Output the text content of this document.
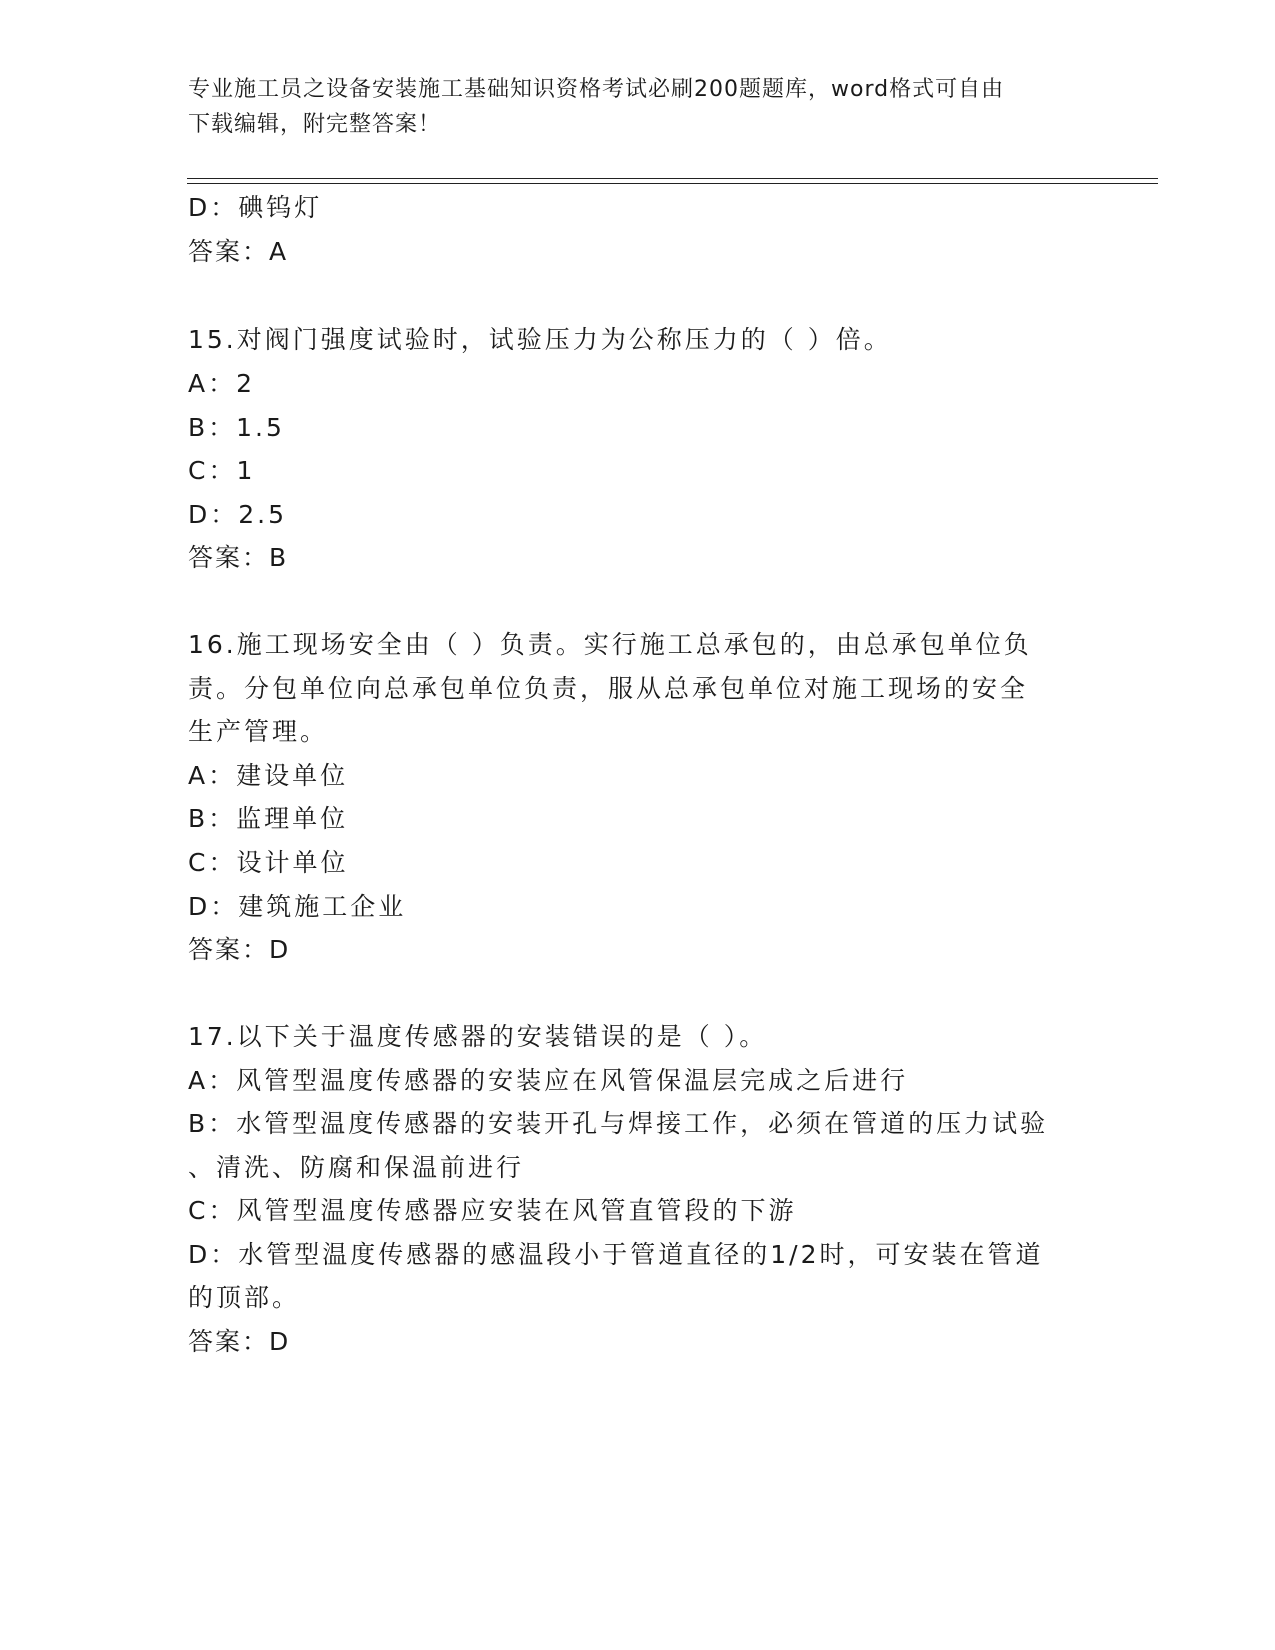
专业施工员之设备安装施工基础知识资格考试必刷200题题库，word格式可自由
下载编辑，附完整答案！
D：碘钨灯
答案：A
15.对阀门强度试验时，试验压力为公称压力的（ ）倍。
A：2
B：1.5
C：1
D：2.5
答案：B
16.施工现场安全由（ ）负责。实行施工总承包的，由总承包单位负
责。分包单位向总承包单位负责，服从总承包单位对施工现场的安全
生产管理。
A：建设单位
B：监理单位
C：设计单位
D：建筑施工企业
答案：D
17.以下关于温度传感器的安装错误的是（ ）。
A：风管型温度传感器的安装应在风管保温层完成之后进行
B：水管型温度传感器的安装开孔与焊接工作，必须在管道的压力试验
、清洗、防腐和保温前进行
C：风管型温度传感器应安装在风管直管段的下游
D：水管型温度传感器的感温段小于管道直径的1/2时，可安装在管道
的顶部。
答案：D
